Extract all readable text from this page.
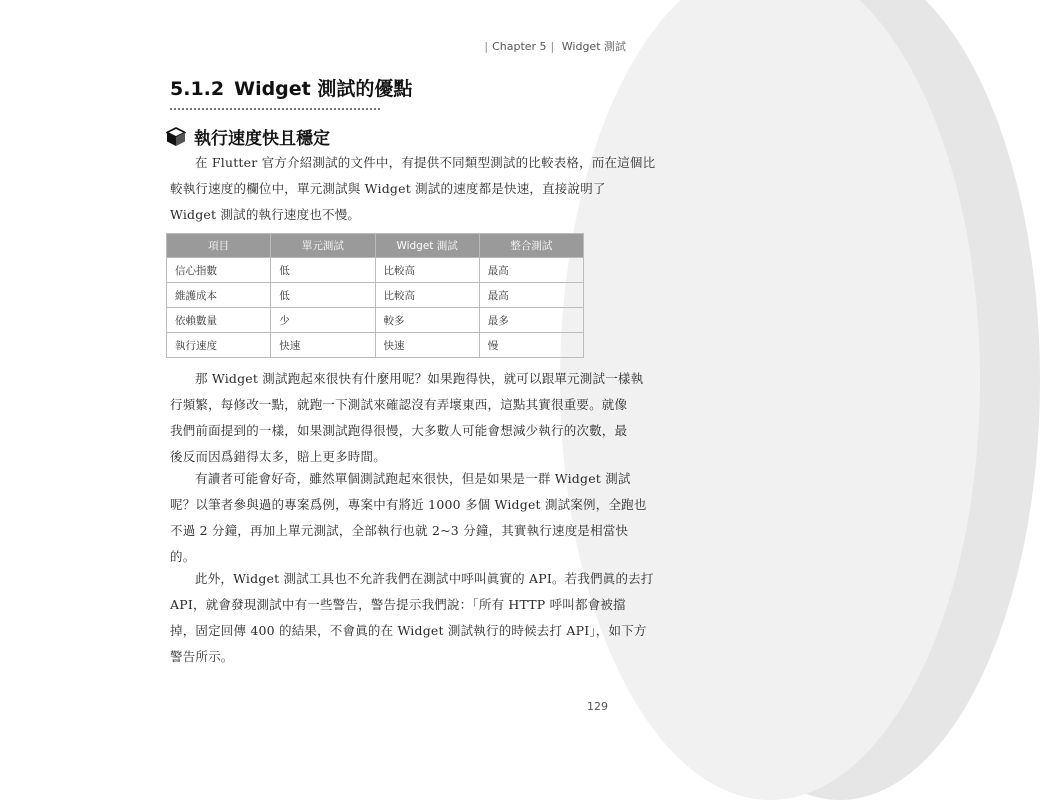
| Chapter 5 | Widget 測試
5.1.2 Widget 測試的優點
執行速度快且穩定
在 Flutter 官方介紹測試的文件中，有提供不同類型測試的比較表格，而在這個比
較執行速度的欄位中，單元測試與 Widget 測試的速度都是快速，直接說明了
Widget 測試的執行速度也不慢。
項目	單元測試	Widget 測試	整合測試
信心指數	低	比較高	最高
維護成本	低	比較高	最高
依賴數量	少	較多	最多
執行速度	快速	快速	慢
那 Widget 測試跑起來很快有什麼用呢？如果跑得快，就可以跟單元測試一樣執
行頻繁，每修改一點，就跑一下測試來確認沒有弄壞東西，這點其實很重要。就像
我們前面提到的一樣，如果測試跑得很慢，大多數人可能會想減少執行的次數，最
後反而因爲錯得太多，賠上更多時間。
有讀者可能會好奇，雖然單個測試跑起來很快，但是如果是一群 Widget 測試
呢？以筆者參與過的專案爲例，專案中有將近 1000 多個 Widget 測試案例，全跑也
不過 2 分鐘，再加上單元測試，全部執行也就 2~3 分鐘，其實執行速度是相當快
的。
此外，Widget 測試工具也不允許我們在測試中呼叫眞實的 API。若我們眞的去打
API，就會發現測試中有一些警告，警告提示我們說：「所有 HTTP 呼叫都會被擋
掉，固定回傳 400 的結果，不會眞的在 Widget 測試執行的時候去打 API」，如下方
警告所示。
129
